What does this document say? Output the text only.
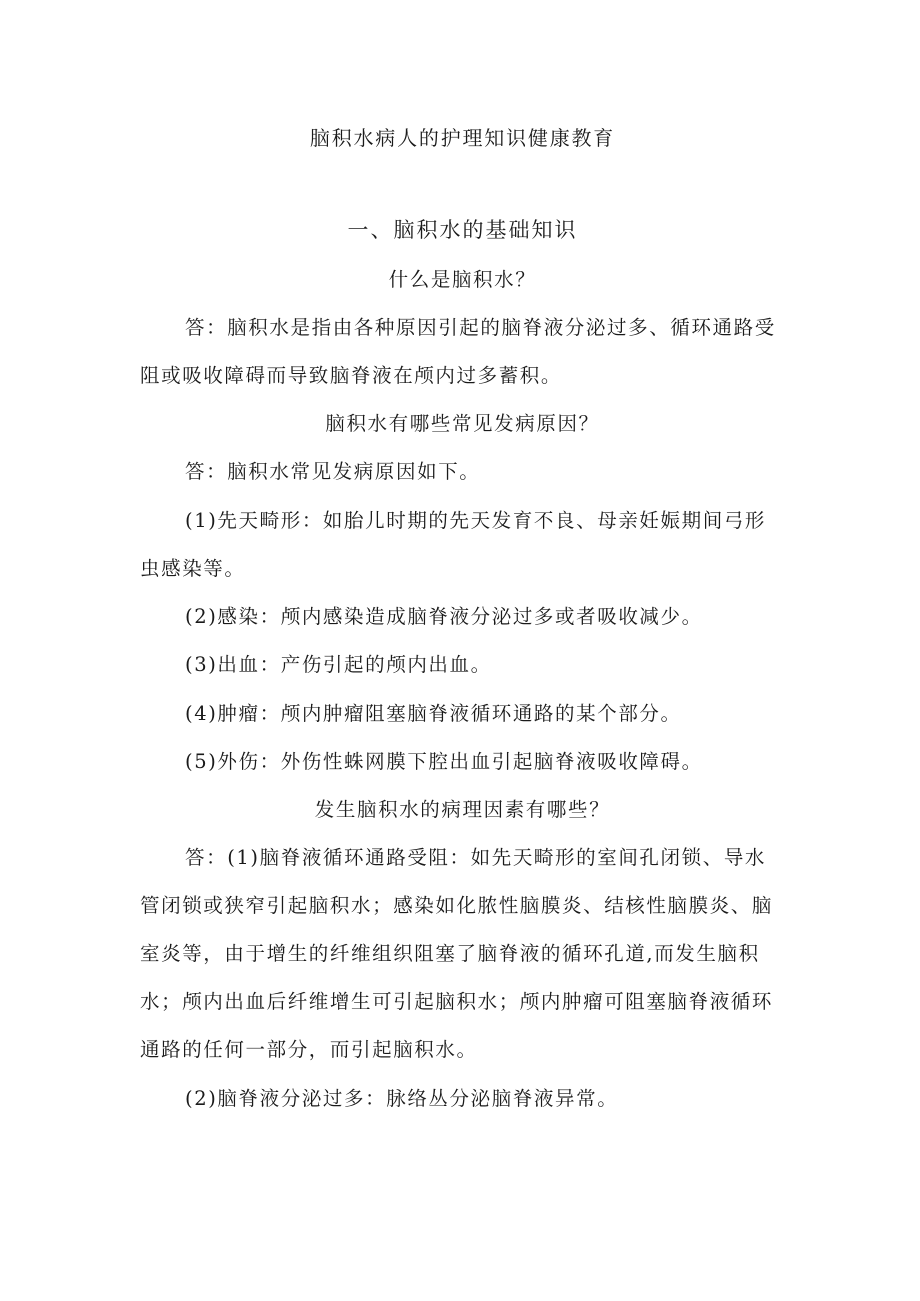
脑积水病人的护理知识健康教育
一、脑积水的基础知识
什么是脑积水？
答：脑积水是指由各种原因引起的脑脊液分泌过多、循环通路受
阻或吸收障碍而导致脑脊液在颅内过多蓄积。
脑积水有哪些常见发病原因？
答：脑积水常见发病原因如下。
(1)先天畸形：如胎儿时期的先天发育不良、母亲妊娠期间弓形
虫感染等。
(2)感染：颅内感染造成脑脊液分泌过多或者吸收减少。
(3)出血：产伤引起的颅内出血。
(4)肿瘤：颅内肿瘤阻塞脑脊液循环通路的某个部分。
(5)外伤：外伤性蛛网膜下腔出血引起脑脊液吸收障碍。
发生脑积水的病理因素有哪些？
答：(1)脑脊液循环通路受阻：如先天畸形的室间孔闭锁、导水
管闭锁或狭窄引起脑积水；感染如化脓性脑膜炎、结核性脑膜炎、脑
室炎等，由于增生的纤维组织阻塞了脑脊液的循环孔道,而发生脑积
水；颅内出血后纤维增生可引起脑积水；颅内肿瘤可阻塞脑脊液循环
通路的任何一部分，而引起脑积水。
(2)脑脊液分泌过多：脉络丛分泌脑脊液异常。
